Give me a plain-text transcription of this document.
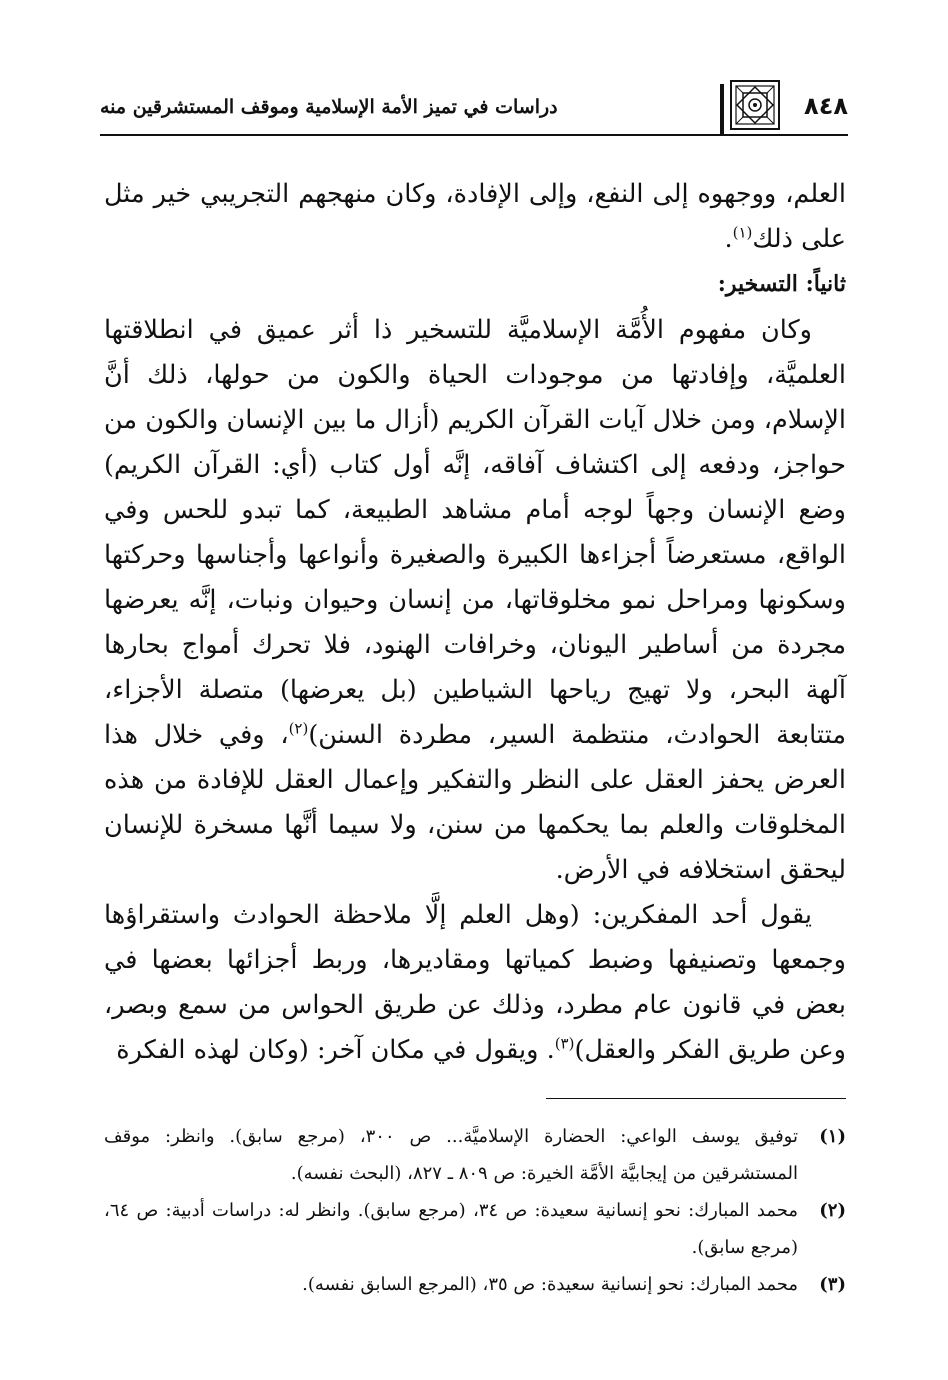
٨٤٨
دراسات في تميز الأمة الإسلامية وموقف المستشرقين منه

العلم، ووجهوه إلى النفع، وإلى الإفادة، وكان منهجهم التجريبي خير مثل على ذلك$^{(١)}$.

ثانياً: التسخير:

وكان مفهوم الأُمَّة الإسلاميَّة للتسخير ذا أثر عميق في انطلاقتها العلميَّة، وإفادتها من موجودات الحياة والكون من حولها، ذلك أنَّ الإسلام، ومن خلال آيات القرآن الكريم (أزال ما بين الإنسان والكون من حواجز، ودفعه إلى اكتشاف آفاقه، إنَّه أول كتاب (أي: القرآن الكريم) وضع الإنسان وجهاً لوجه أمام مشاهد الطبيعة، كما تبدو للحس وفي الواقع، مستعرضاً أجزاءها الكبيرة والصغيرة وأنواعها وأجناسها وحركتها وسكونها ومراحل نمو مخلوقاتها، من إنسان وحيوان ونبات، إنَّه يعرضها مجردة من أساطير اليونان، وخرافات الهنود، فلا تحرك أمواج بحارها آلهة البحر، ولا تهيج رياحها الشياطين (بل يعرضها) متصلة الأجزاء، متتابعة الحوادث، منتظمة السير، مطردة السنن)$^{(٢)}$، وفي خلال هذا العرض يحفز العقل على النظر والتفكير وإعمال العقل للإفادة من هذه المخلوقات والعلم بما يحكمها من سنن، ولا سيما أنَّها مسخرة للإنسان ليحقق استخلافه في الأرض.

يقول أحد المفكرين: (وهل العلم إلَّا ملاحظة الحوادث واستقراؤها وجمعها وتصنيفها وضبط كمياتها ومقاديرها، وربط أجزائها بعضها في بعض في قانون عام مطرد، وذلك عن طريق الحواس من سمع وبصر، وعن طريق الفكر والعقل)$^{(٣)}$. ويقول في مكان آخر: (وكان لهذه الفكرة

(١)
توفيق يوسف الواعي: الحضارة الإسلاميَّة... ص ٣٠٠، (مرجع سابق). وانظر: موقف المستشرقين من إيجابيَّة الأمَّة الخيرة: ص ٨٠٩ ـ ٨٢٧، (البحث نفسه).
(٢)
محمد المبارك: نحو إنسانية سعيدة: ص ٣٤، (مرجع سابق). وانظر له: دراسات أدبية: ص ٦٤، (مرجع سابق).
(٣)
محمد المبارك: نحو إنسانية سعيدة: ص ٣٥، (المرجع السابق نفسه).
